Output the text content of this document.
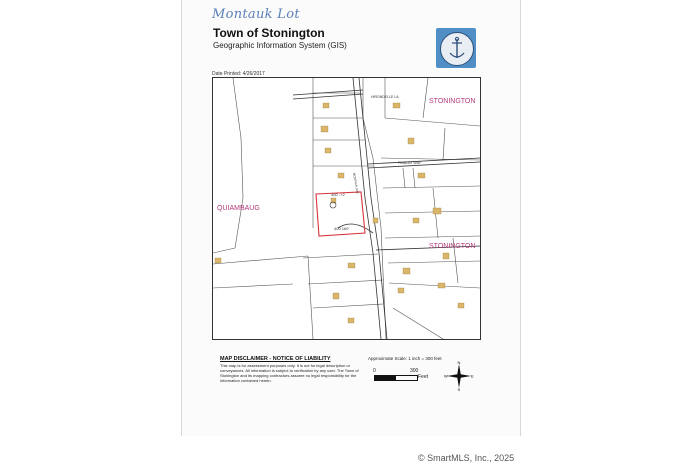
Montauk Lot
Town of Stonington
Geographic Information System (GIS)
Date Printed: 4/26/2017
STONINGTON
STONINGTON
QUIAMBAUG
HIRONDELLE LA
FINDLAY WAY
MONTAUK AVE
400 -+2
400 160'
MAP DISCLAIMER - NOTICE OF LIABILITY
This map is for assessment purposes only. It is not for legal description or conveyances. All information is subject to verification by any user. The Town of Stonington and its mapping contractors assume no legal responsibility for the information contained herein.
Approximate Scale: 1 inch = 300 feet
0	300
Feet
N
S
W	E
© SmartMLS, Inc., 2025
